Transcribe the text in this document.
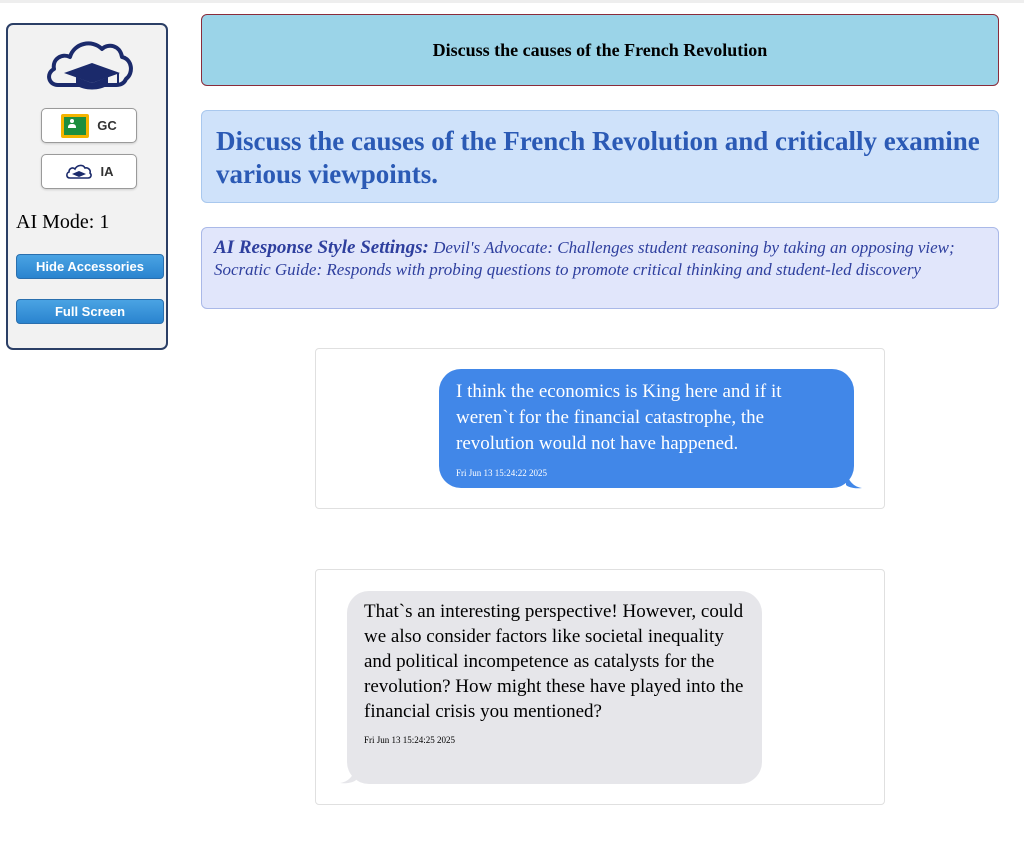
GC
IA
AI Mode: 1
Hide Accessories
Full Screen
Discuss the causes of the French Revolution
Discuss the causes of the French Revolution and critically examine various viewpoints.
AI Response Style Settings: Devil's Advocate: Challenges student reasoning by taking an opposing view; Socratic Guide: Responds with probing questions to promote critical thinking and student-led discovery
I think the economics is King here and if it weren`t for the financial catastrophe, the revolution would not have happened.
Fri Jun 13 15:24:22 2025
That`s an interesting perspective! However, could we also consider factors like societal inequality and political incompetence as catalysts for the revolution? How might these have played into the financial crisis you mentioned?
Fri Jun 13 15:24:25 2025
